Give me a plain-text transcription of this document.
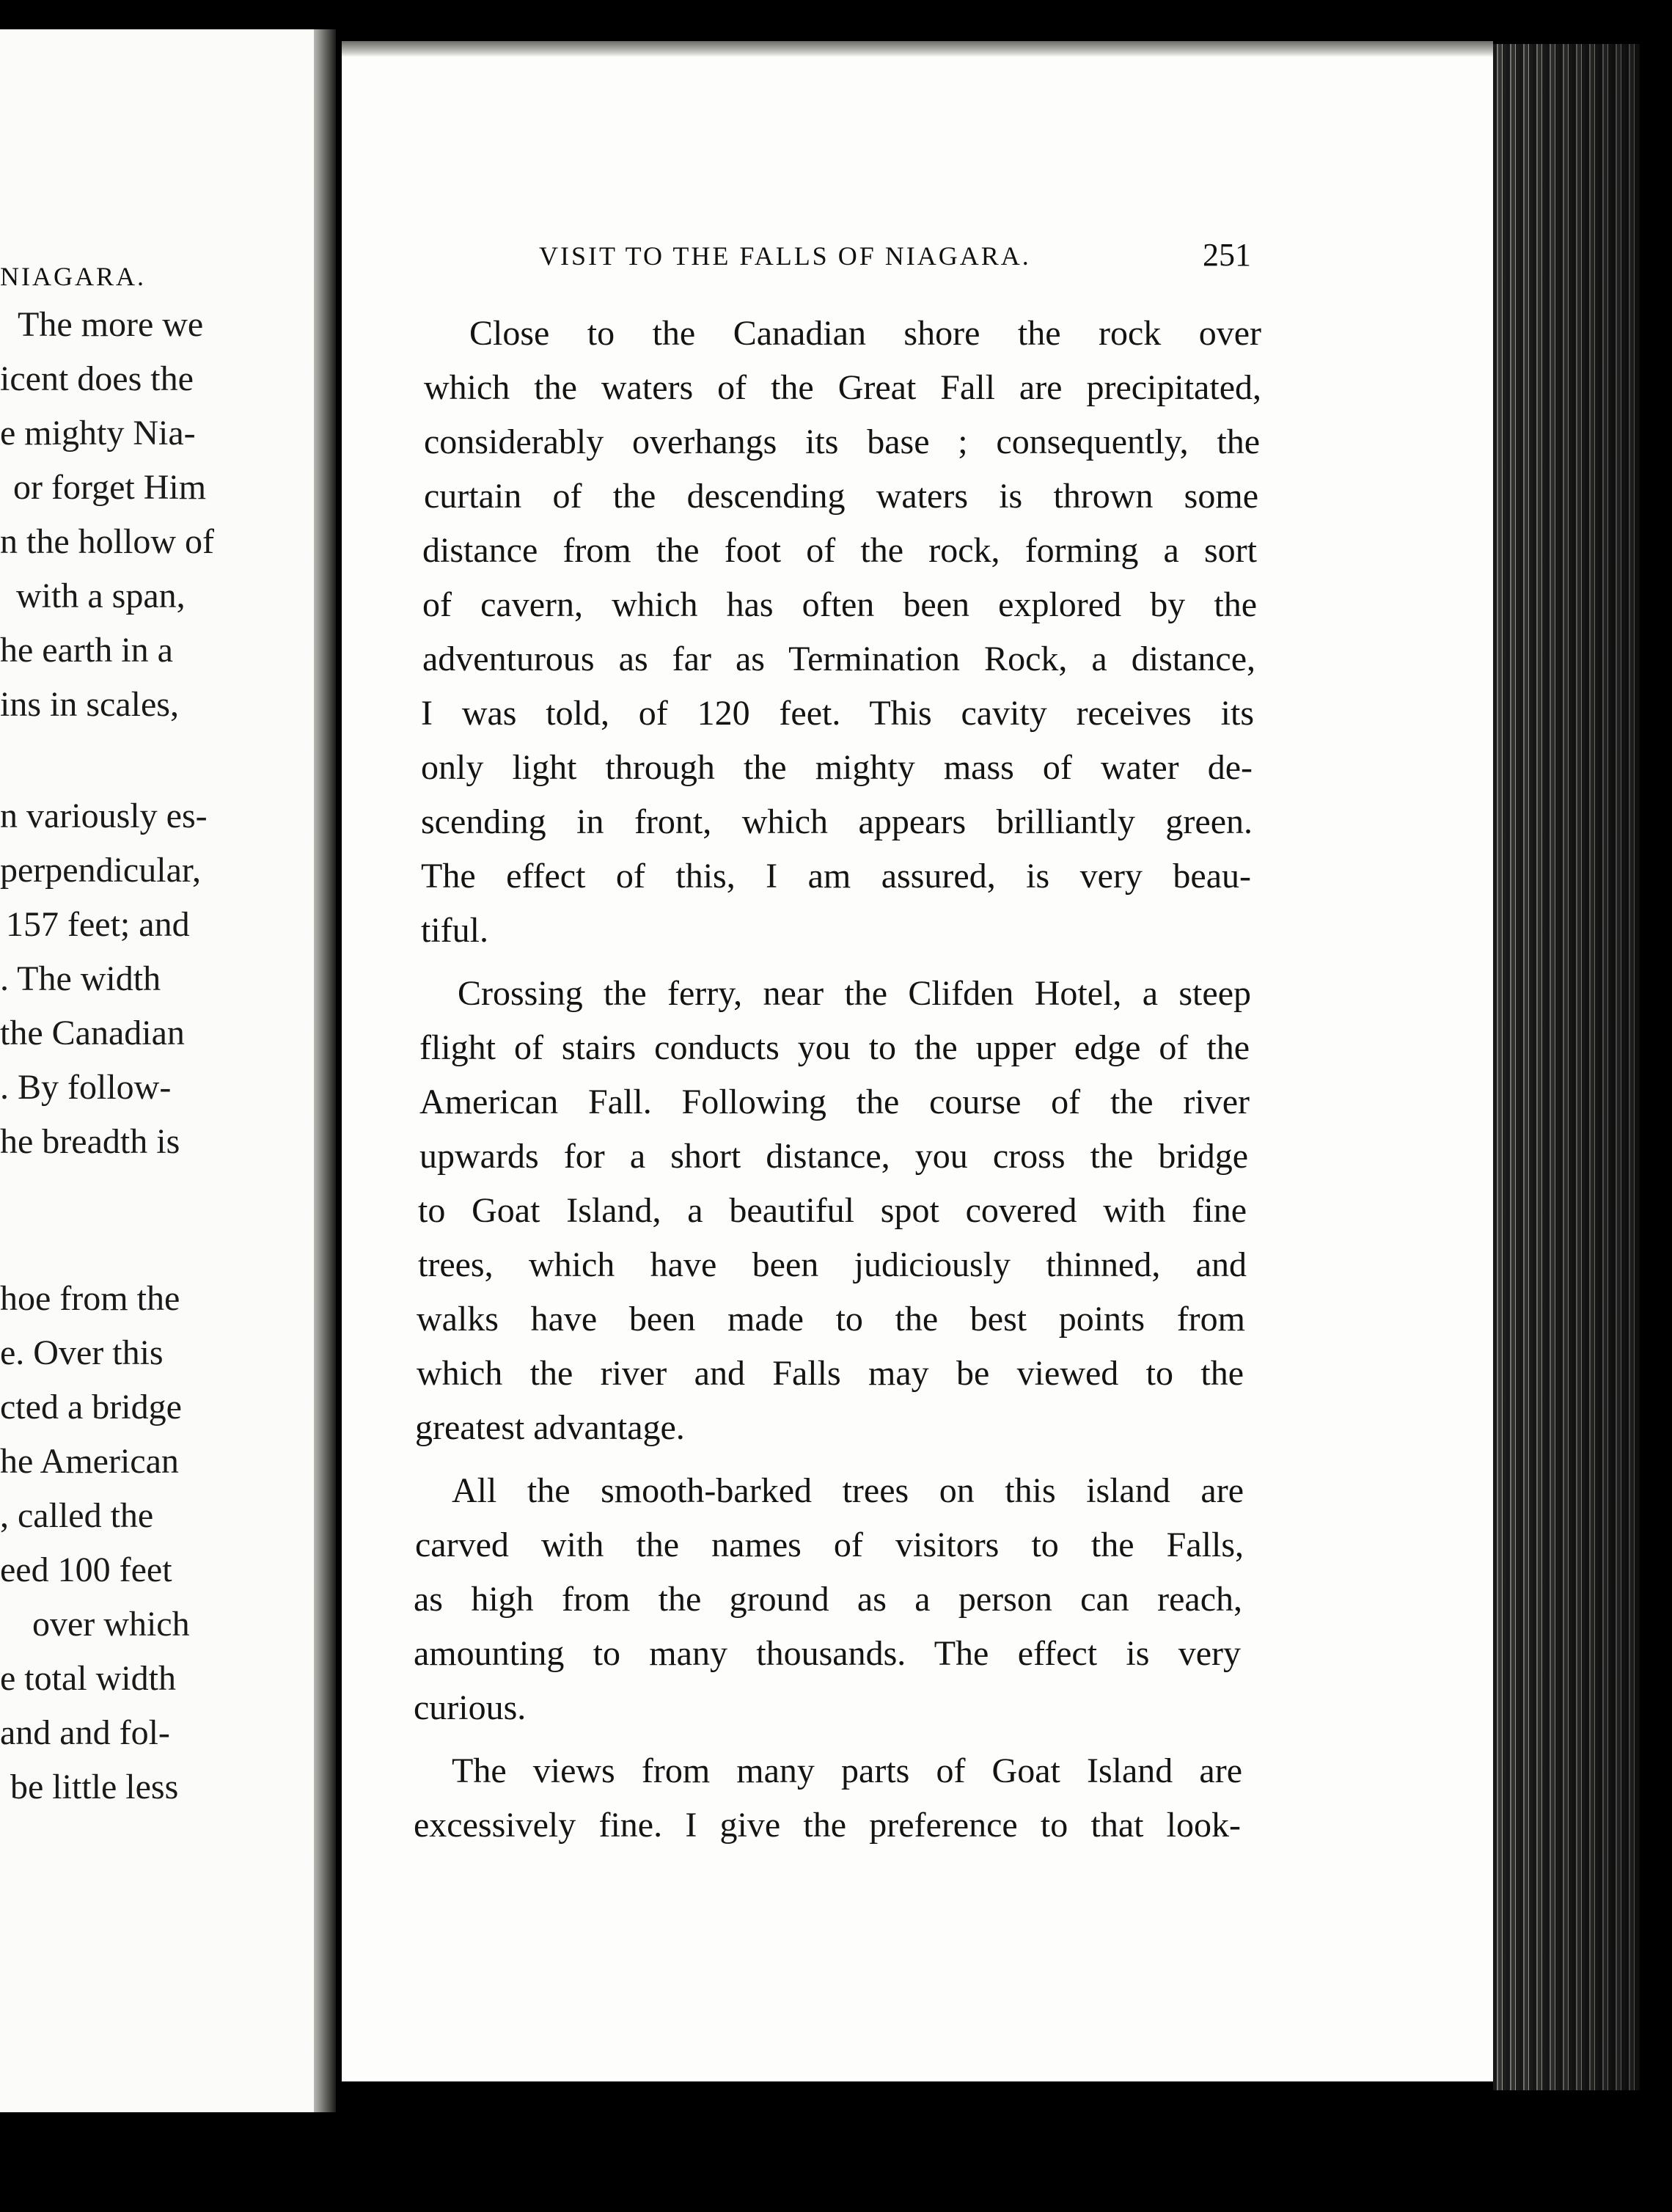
NIAGARA.
The more we
icent does the
e mighty Nia-
or forget Him
n the hollow of
with a span,
he earth in a
ins in scales,
n variously es-
perpendicular,
157 feet; and
. The width
the Canadian
. By follow-
he breadth is
hoe from the
e. Over this
cted a bridge
he American
, called the
eed 100 feet
over which
e total width
and and fol-
be little less
VISIT TO THE FALLS OF NIAGARA.	251
Close to the Canadian shore the rock over
which the waters of the Great Fall are precipitated,
considerably overhangs its base ; consequently, the
curtain of the descending waters is thrown some
distance from the foot of the rock, forming a sort
of cavern, which has often been explored by the
adventurous as far as Termination Rock, a distance,
I was told, of 120 feet. This cavity receives its
only light through the mighty mass of water de-
scending in front, which appears brilliantly green.
The effect of this, I am assured, is very beau-
tiful.
Crossing the ferry, near the Clifden Hotel, a steep
flight of stairs conducts you to the upper edge of the
American Fall. Following the course of the river
upwards for a short distance, you cross the bridge
to Goat Island, a beautiful spot covered with fine
trees, which have been judiciously thinned, and
walks have been made to the best points from
which the river and Falls may be viewed to the
greatest advantage.
All the smooth-barked trees on this island are
carved with the names of visitors to the Falls,
as high from the ground as a person can reach,
amounting to many thousands. The effect is very
curious.
The views from many parts of Goat Island are
excessively fine. I give the preference to that look-
